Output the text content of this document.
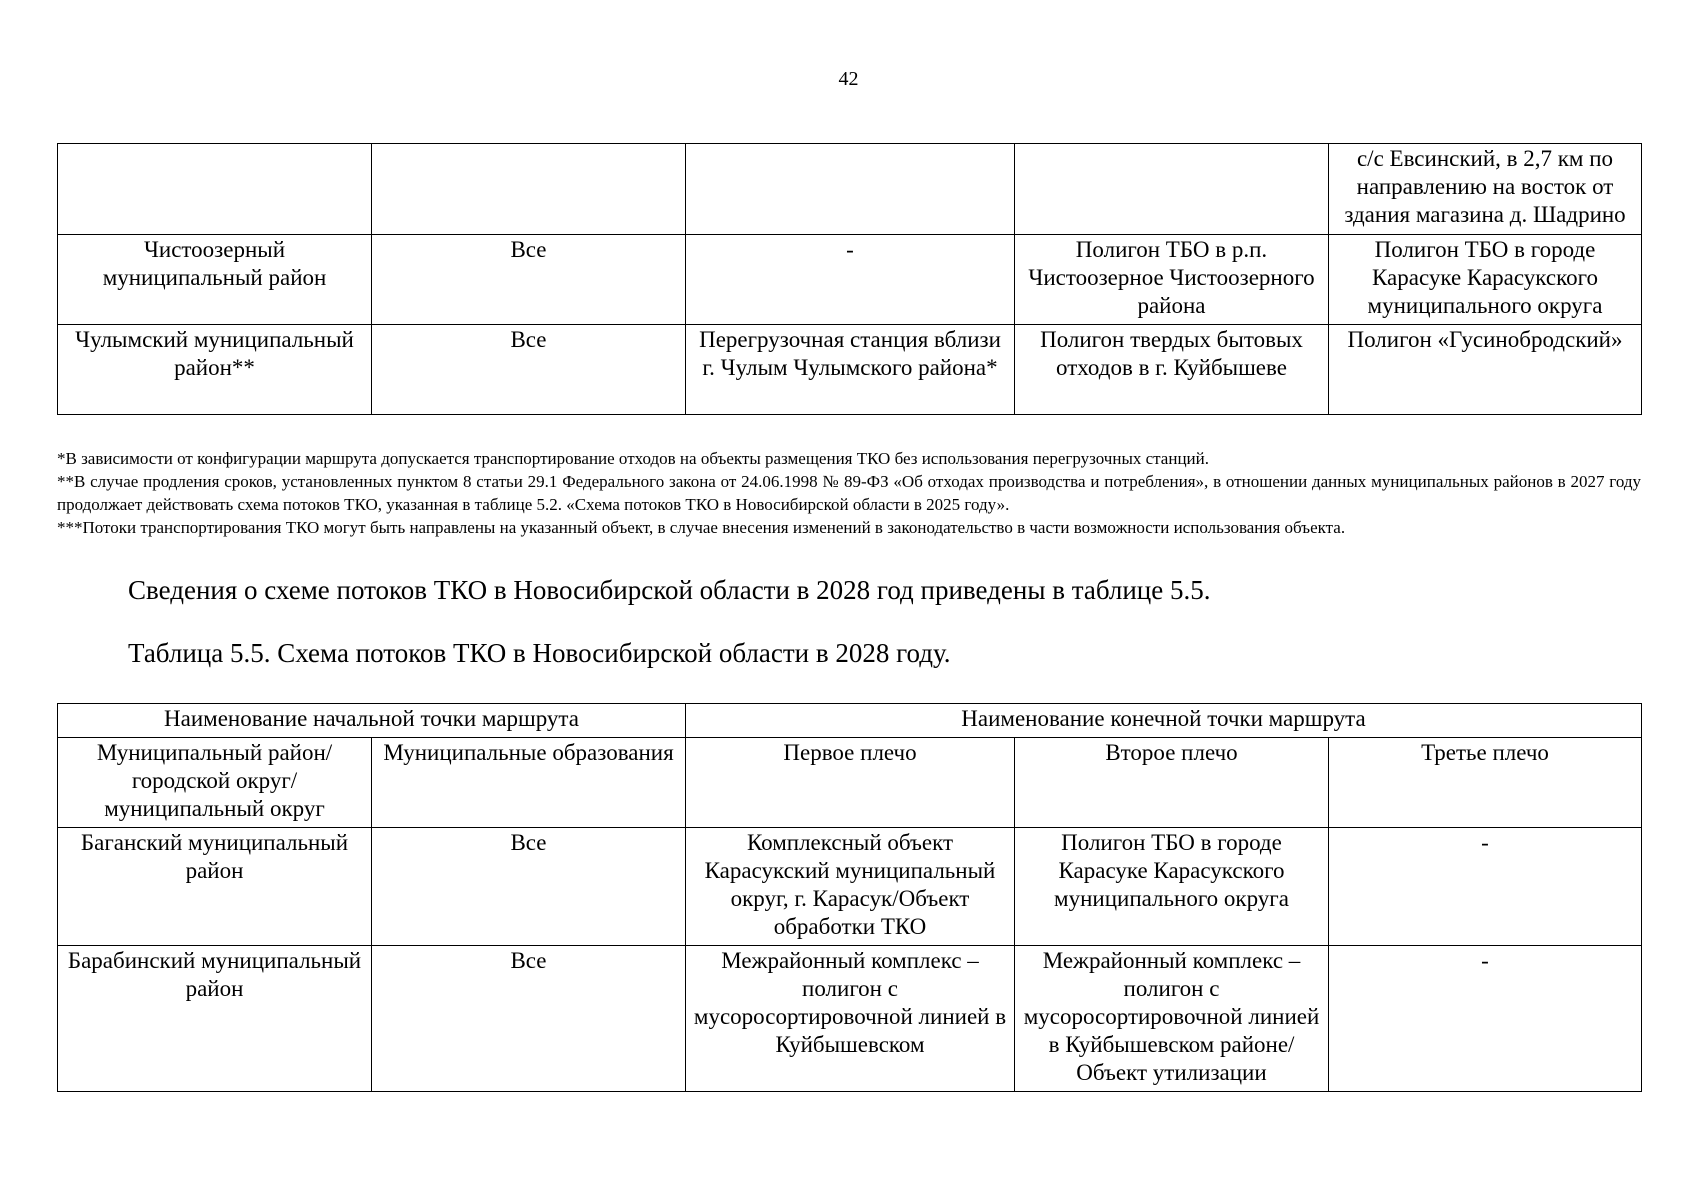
42
				с/с Евсинский, в 2,7 км по направлению на восток от здания магазина д. Шадрино
Чистоозерный муниципальный район	Все	-	Полигон ТБО в р.п. Чистоозерное Чистоозерного района	Полигон ТБО в городе Карасуке Карасукского муниципального округа
Чулымский муниципальный район**	Все	Перегрузочная станция вблизи г. Чулым Чулымского района*	Полигон твердых бытовых отходов в г. Куйбышеве	Полигон «Гусинобродский»

*В зависимости от конфигурации маршрута допускается транспортирование отходов на объекты размещения ТКО без использования перегрузочных станций.

**В случае продления сроков, установленных пунктом 8 статьи 29.1 Федерального закона от 24.06.1998 № 89-ФЗ «Об отходах производства и потребления», в отношении данных муниципальных районов в 2027 году продолжает действовать схема потоков ТКО, указанная в таблице 5.2. «Схема потоков ТКО в Новосибирской области в 2025 году».

***Потоки транспортирования ТКО могут быть направлены на указанный объект, в случае внесения изменений в законодательство в части возможности использования объекта.

Сведения о схеме потоков ТКО в Новосибирской области в 2028 год приведены в таблице 5.5.

Таблица 5.5. Схема потоков ТКО в Новосибирской области в 2028 году.

Наименование начальной точки маршрута		Наименование конечной точки маршрута		
Муниципальный район/городской округ/муниципальный округ	Муниципальные образования	Первое плечо	Второе плечо	Третье плечо
Баганский муниципальный район	Все	Комплексный объект Карасукский муниципальный округ, г. Карасук/Объект обработки ТКО	Полигон ТБО в городе Карасуке Карасукского муниципального округа	-
Барабинский муниципальный район	Все	Межрайонный комплекс – полигон с мусоросортировочной линией в Куйбышевском	Межрайонный комплекс – полигон с мусоросортировочной линией в Куйбышевском районе/Объект утилизации	-
